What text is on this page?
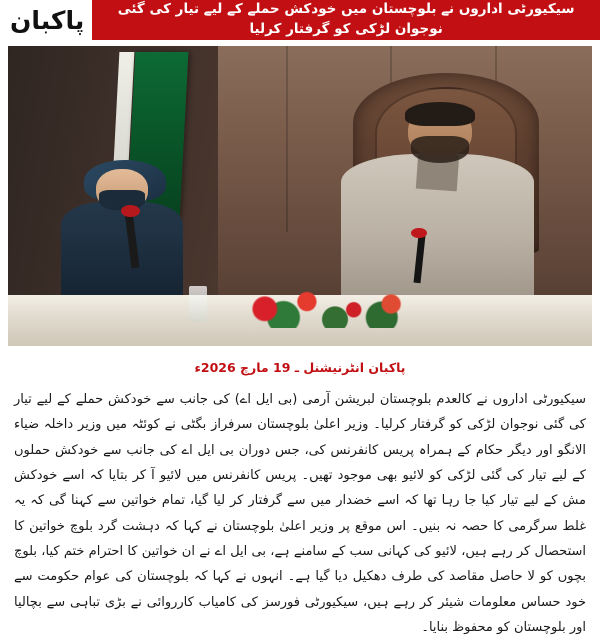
پاکبان	سیکیورٹی اداروں نے بلوچستان میں خودکش حملے کے لیے تیار کی گئی نوجوان لڑکی کو گرفتار کرلیا
پاکبان انٹرنیشنل ـ 19 مارچ 2026ء

سیکیورٹی اداروں نے کالعدم بلوچستان لبریشن آرمی (بی ایل اے) کی جانب سے خودکش حملے کے لیے تیار کی گئی نوجوان لڑکی کو گرفتار کرلیا۔ وزیر اعلیٰ بلوچستان سرفراز بگٹی نے کوئٹہ میں وزیر داخلہ ضیاء الانگو اور دیگر حکام کے ہمراہ پریس کانفرنس کی، جس دوران بی ایل اے کی جانب سے خودکش حملوں کے لیے تیار کی گئی لڑکی کو لائیو بھی موجود تھیں۔ پریس کانفرنس میں لائیو آ کر بتایا کہ اسے خودکش مش کے لیے تیار کیا جا رہا تھا کہ اسے خضدار میں سے گرفتار کر لیا گیا، تمام خواتین سے کہنا گی کہ یہ غلط سرگرمی کا حصہ نہ بنیں۔ اس موقع پر وزیر اعلیٰ بلوچستان نے کہا کہ دہشت گرد بلوچ خواتین کا استحصال کر رہے ہیں، لائیو کی کہانی سب کے سامنے ہے، بی ایل اے نے ان خواتین کا احترام ختم کیا، بلوچ بچوں کو لا حاصل مقاصد کی طرف دھکیل دیا گیا ہے۔ انہوں نے کہا کہ بلوچستان کی عوام حکومت سے خود حساس معلومات شیئر کر رہے ہیں، سیکیورٹی فورسز کی کامیاب کارروائی نے بڑی تباہی سے بچالیا اور بلوچستان کو محفوظ بنایا۔
